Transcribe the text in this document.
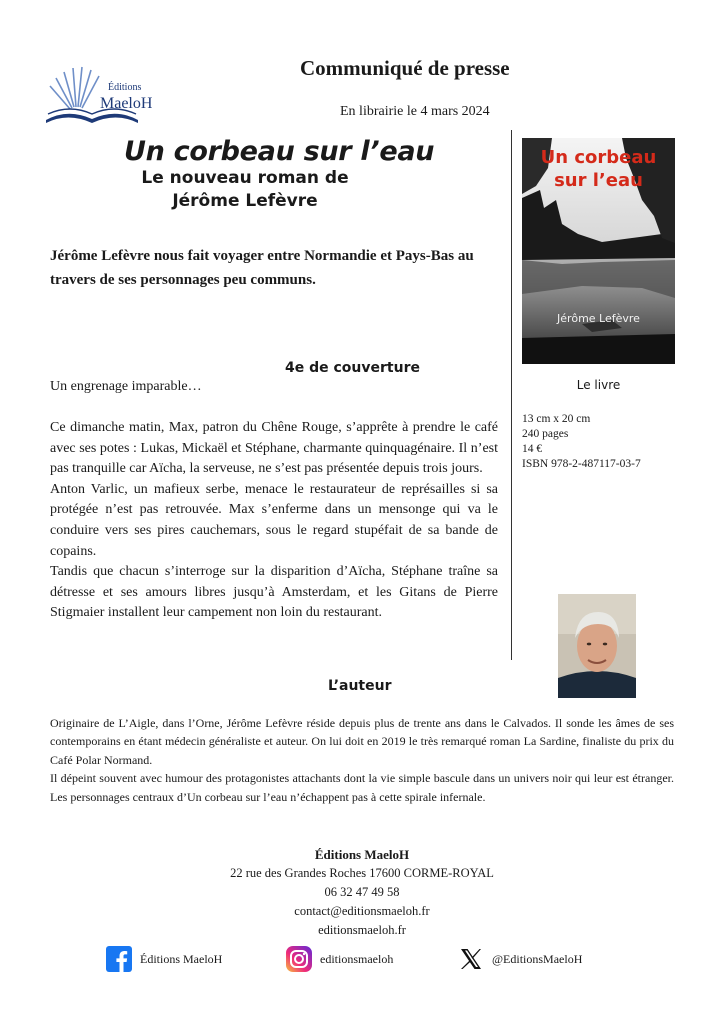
Éditions
MaeloH
Communiqué de presse
En librairie le 4 mars 2024
Un corbeau sur l’eau
Le nouveau roman de
Jérôme Lefèvre
Jérôme Lefèvre nous fait voyager entre Normandie et Pays-Bas au travers de ses personnages peu communs.
Un corbeau
sur l’eau
Jérôme Lefèvre
Le livre
13 cm x 20 cm
240 pages
14 €
ISBN 978-2-487117-03-7
4e de couverture
Un engrenage imparable…

Ce dimanche matin, Max, patron du Chêne Rouge, s’apprête à prendre le café avec ses potes : Lukas, Mickaël et Stéphane, charmante quinquagénaire. Il n’est pas tranquille car Aïcha, la serveuse, ne s’est pas présentée depuis trois jours.

Anton Varlic, un mafieux serbe, menace le restaurateur de représailles si sa protégée n’est pas retrouvée. Max s’enferme dans un mensonge qui va le conduire vers ses pires cauchemars, sous le regard stupéfait de sa bande de copains.

Tandis que chacun s’interroge sur la disparition d’Aïcha, Stéphane traîne sa détresse et ses amours libres jusqu’à Amsterdam, et les Gitans de Pierre Stigmaier installent leur campement non loin du restaurant.

L’auteur

Originaire de L’Aigle, dans l’Orne, Jérôme Lefèvre réside depuis plus de trente ans dans le Calvados. Il sonde les âmes de ses contemporains en étant médecin généraliste et auteur. On lui doit en 2019 le très remarqué roman La Sardine, finaliste du prix du Café Polar Normand.

Il dépeint souvent avec humour des protagonistes attachants dont la vie simple bascule dans un univers noir qui leur est étranger. Les personnages centraux d’Un corbeau sur l’eau n’échappent pas à cette spirale infernale.

Éditions MaeloH
22 rue des Grandes Roches 17600 CORME-ROYAL
06 32 47 49 58
contact@editionsmaeloh.fr
editionsmaeloh.fr
Éditions MaeloH	editionsmaeloh	@EditionsMaeloH
